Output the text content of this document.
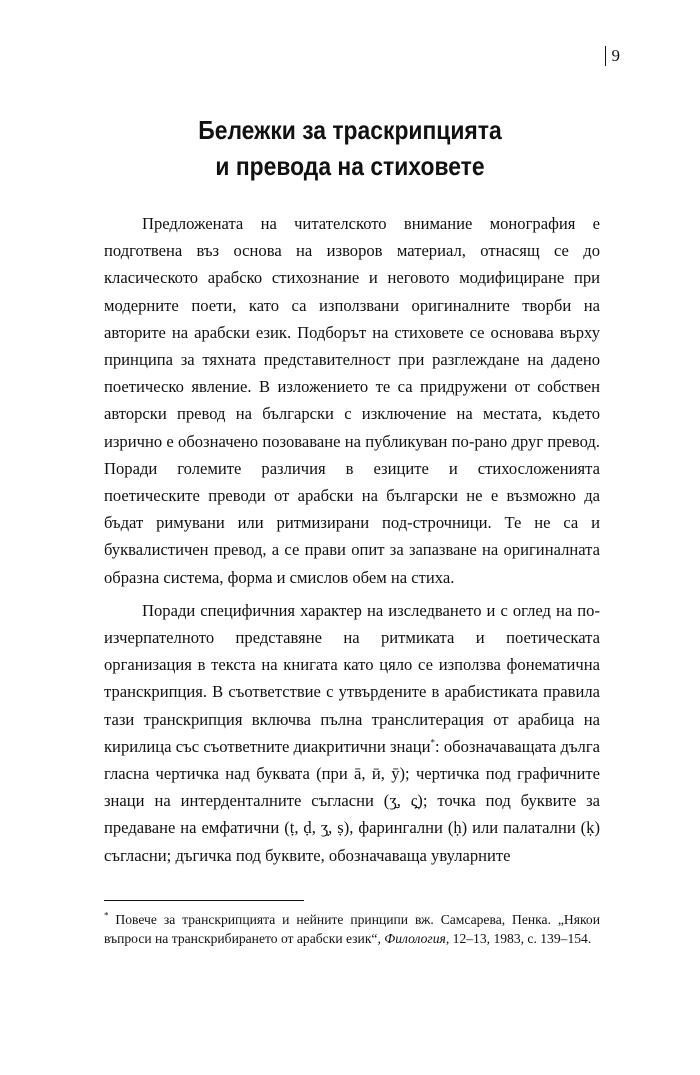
9
Бележки за траскрипцията
и превода на стиховете

Предложената на читателското внимание монография е подготвена въз основа на изворов материал, отнасящ се до класическото арабско стихознание и неговото модифициране при модерните поети, като са използвани оригиналните творби на авторите на арабски език. Подборът на стиховете се основава върху принципа за тяхната представителност при разглеждане на дадено поетическо явление. В изложението те са придружени от собствен авторски превод на български с изключение на местата, където изрично е обозначено позоваване на публикуван по-рано друг превод. Поради големите различия в езиците и стихосложенията поетическите преводи от арабски на български не е възможно да бъдат римувани или ритмизирани под-строчници. Те не са и буквалистичен превод, а се прави опит за запазване на оригиналната образна система, форма и смислов обем на стиха.

Поради специфичния характер на изследването и с оглед на по-изчерпателното представяне на ритмиката и поетическата организация в текста на книгата като цяло се използва фонематична транскрипция. В съответствие с утвърдените в арабистиката правила тази транскрипция включва пълна транслитерация от арабица на кирилица със съответните диакритични знаци*: обозначаващата дълга гласна чертичка над буквата (при ā, ӣ, ӯ); чертичка под графичните знаци на интерденталните съгласни (ʒ̱, ς̱); точка под буквите за предаване на емфатични (ṭ, ḍ, ʒ̣, ṣ), фарингални (ḥ) или палатални (ḳ) съгласни; дъгичка под буквите, обозначаваща увуларните

* Повече за транскрипцията и нейните принципи вж. Самсарева, Пенка. „Някои въпроси на транскрибирането от арабски език“, Филология, 12–13, 1983, с. 139–154.
